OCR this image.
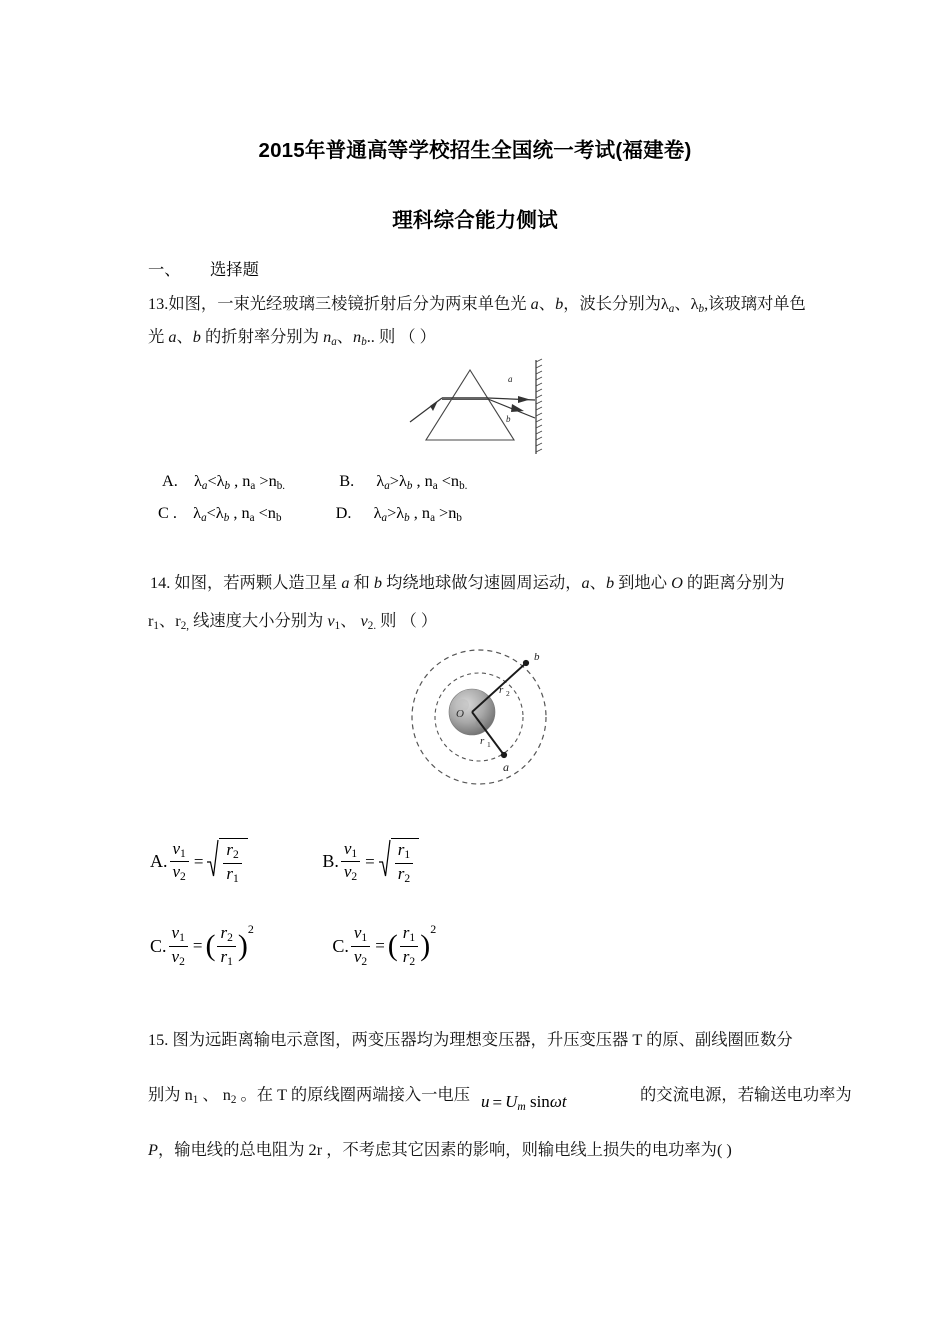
2015年普通高等学校招生全国统一考试(福建卷)
理科综合能力侧试
一、 选择题
13.如图，一束光经玻璃三棱镜折射后分为两束单色光 a、b，波长分别为$\lambda_a$、$\lambda_b$,该玻璃对单色
光 a、b 的折射率分别为 $n_a$、$n_b$.. 则 （ ）
a
b
A. $\lambda_a<\lambda_b$ , $n_a >n_{b.}$	B. $\lambda_a>\lambda_b$ , $n_a <n_{b.}$
C . $\lambda_a<\lambda_b$ , $n_a <n_b$	D. $\lambda_a>\lambda_b$ , $n_a >n_b$
14. 如图，若两颗人造卫星 a 和 b 均绕地球做匀速圆周运动，a、b 到地心 O 的距离分别为
$r_1$、$r_{2,}$ 线速度大小分别为 $v_1$、 $v_{2.}$ 则 （ ）
O
b
a
r 2
r 1
A. $\frac{v_1}{v_2} = \frac{r_2}{r_1}$	B. $\frac{v_1}{v_2} = \frac{r_1}{r_2}$
C. $\frac{v_1}{v_2}$ = ( $\frac{r_2}{r_1} )2$  C. $\frac{v_1}{v_2}$ = ( $\frac{r_1}{r_2} )2$
15. 图为远距离输电示意图，两变压器均为理想变压器，升压变压器 T 的原、副线圈匝数分
别为 $n_1$ 、 $n_2$ 。在 T 的原线圈两端接入一电压 $u = U_m$ sinωt	的交流电源，若输送电功率为
P，输电线的总电阻为 2r ，不考虑其它因素的影响，则输电线上损失的电功率为( )
